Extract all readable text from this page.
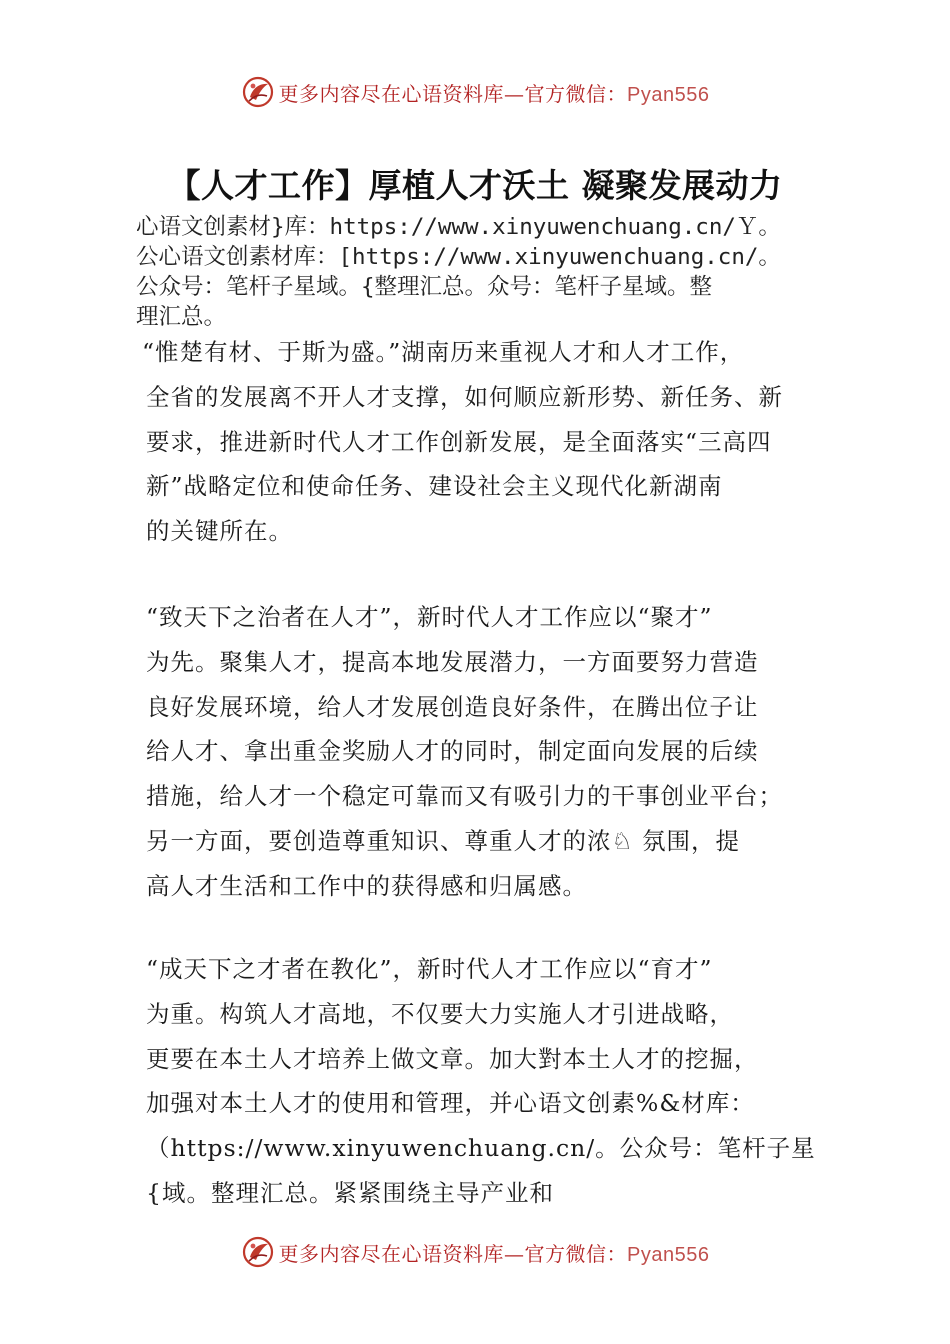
更多内容尽在心语资料库—官方微信：Pyan556
【人才工作】厚植人才沃土 凝聚发展动力
心语文创素材}库：https://www.xinyuwenchuang.cn/Ｙ。
公心语文创素材库：[https://www.xinyuwenchuang.cn/。
公众号：笔杆子星域。{整理汇总。众号：笔杆子星域。整
理汇总。

“惟楚有材、于斯为盛。”湖南历来重视人才和人才工作，

全省的发展离不开人才支撑，如何顺应新形势、新任务、新

要求，推进新时代人才工作创新发展，是全面落实“三高四

新”战略定位和使命任务、建设社会主义现代化新湖南

的关键所在。

“致天下之治者在人才”，新时代人才工作应以“聚才”

为先。聚集人才，提高本地发展潜力，一方面要努力营造

良好发展环境，给人才发展创造良好条件，在腾出位子让

给人才、拿出重金奖励人才的同时，制定面向发展的后续

措施，给人才一个稳定可靠而又有吸引力的干事创业平台；

另一方面，要创造尊重知识、尊重人才的浓♘ 氛围，提

高人才生活和工作中的获得感和归属感。

“成天下之才者在教化”，新时代人才工作应以“育才”

为重。构筑人才高地，不仅要大力实施人才引进战略，

更要在本土人才培养上做文章。加大對本土人才的挖掘，

加强对本土人才的使用和管理，并心语文创素%&材库：

（https://www.xinyuwenchuang.cn/。公众号：笔杆子星

{域。整理汇总。紧紧围绕主导产业和

更多内容尽在心语资料库—官方微信：Pyan556
